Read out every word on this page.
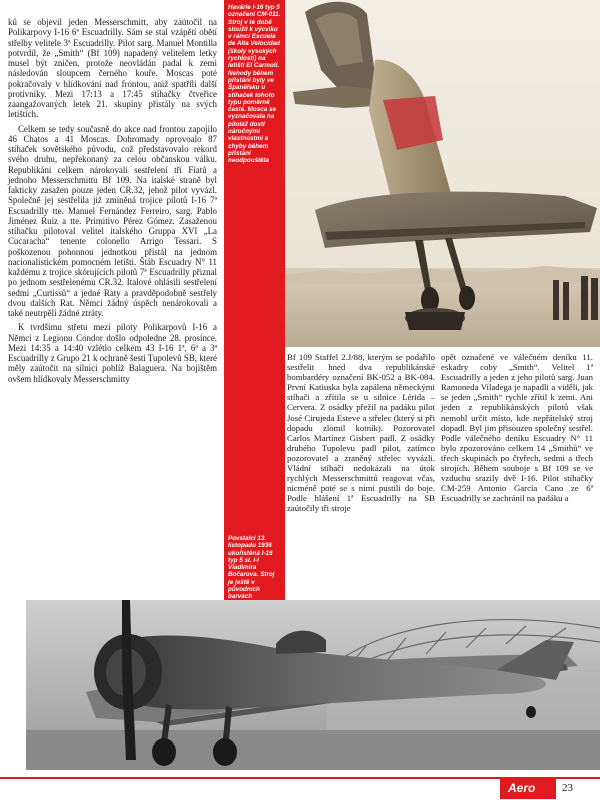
ků se objevil jeden Messerschmitt, aby zaútočil na Polikarpovy I-16 6ª Escuadrilly. Sám se stal vzápětí obětí střelby velitele 3ª Escuadrilly. Pilot sarg. Manuel Montilla potvrdil, že „Smith“ (Bf 109) napadený velitelem letky musel být zničen, protože neovládán padal k zemi následován sloupcem černého kouře. Moscas poté pokračovaly v hlídkování nad frontou, aniž spatřili další protivníky. Mezi 17:13 a 17:45 stíhačky čtveřice zaangažovaných letek 21. skupiny přistály na svých letištích.

Celkem se tedy současně do akce nad frontou zapojilo 46 Chatos a 41 Moscas. Dohromady oprovoalo 87 stíhaček sovětského původu, což představovalo rekord svého druhu, nepřekonaný za celou občanskou válku. Republikáni celkem nárokovali sestřelení tří Fiatů a jednoho Messerschmittu Bf 109. Na italské straně byl fakticky zasažen pouze jeden CR.32, jehož pilot vyvázl. Společně jej sestřelila již zmíněná trojice pilotů I-16 7ª Escuadrilly tte. Manuel Fernández Ferreiro, sarg. Pablo Jiménez Ruiz a tte. Primitivo Pérez Gómez. Zasaženou stíhačku pilotoval velitel italského Gruppa XVI „La Cucaracha“ tenente colonello Arrigo Tessari. S poškozenou pohonnou jednotkou přistál na jednom nacionalistickém pomocném letišti. Štáb Escuadry N° 11 každému z trojice skórujících pilotů 7ª Escuadrilly přiznal po jednom sestřelenému CR.32. Italové ohlásili sestřelení sedmi „Curtissů“ a jedné Raty a pravděpodobně sestřely dvou dalších Rat. Němci žádný úspěch nenárokovali a také neutrpěli žádné ztráty.

K tvrdšímu střetu mezi piloty Polikarpovů I-16 a Němci z Legionu Condor došlo odpoledne 28. prosince. Mezi 14:35 a 14:40 vzlétlo celkem 43 I-16 1ª, 6ª a 3ª Escuadrilly z Grupo 21 k ochraně šesti Tupolevů SB, které měly zaútočit na silnici poblíž Balaguera. Na bojištěm ovšem hlídkovaly Messerschmitty

Havárie I-16 typ 5 označení CM-011. Stroj v té době sloužil k výcviku v rámci Escuela de Alta Velocidad (školy vysokých rychlostí) na letišti El Carmolí. Nehody během přistání byly ve Španělsku u stíhaček tohoto typu poměrně časté. Mosca se vyznačovala na pilotáž dosti náročnými vlastnostmi a chyby během přistání neodpouštěla
Povstalci 13. listopadu 1936 ukořistěná I-16 typ 5 sł. I-I Vladimíra Bočarova. Stroj je ještě v původních barvách

Bf 109 Staffel 2.J/88, kterým se podařilo sestřelit hned dva republikánské bombardéry označení BK-052 a BK-084. První Katiuska byla zapálena německými stíhači a zřítila se u silnice Lérida – Cervera. Z osádky přežil na padáku pilot José Cirujeda Esteve a střelec (který si při dopadu zlomil kotník). Pozorovatel Carlos Martínez Gisbert padl. Z osádky druhého Tupolevu padl pilot, zatímco pozorovatel a zraněný střelec vyvázli. Vládní stíhači nedokázali na útok rychlých Messerschmittů reagovat včas, nicméně poté se s nimi pustili do boje. Podle hlášení 1ª Escuadrilly na SB zaútočily tři stroje

opět označené ve válečném deníku 11. eskadry coby „Smith“. Velitel 1ª Escuadrilly a jeden z jeho pilotů sarg. Juan Ramoneda Viladega je napadli a viděli, jak se jeden „Smith“ rychle zřítil k zemi. Ani jeden z republikánských pilotů však nemohl určit místo, kde nepřátelský stroj dopadl. Byl jim přisouzen společný sestřel. Podle válečného deníku Escuadry N° 11 bylo zpozorováno celkem 14 „Smithů“ ve třech skupinách po čtyřech, sedmi a třech strojích. Během souboje s Bf 109 se ve vzduchu srazily dvě I-16. Pilot stíhačky CM-259 Antonio García Cano ze 6ª Escuadrilly se zachránil na padáku a

Aero 23
